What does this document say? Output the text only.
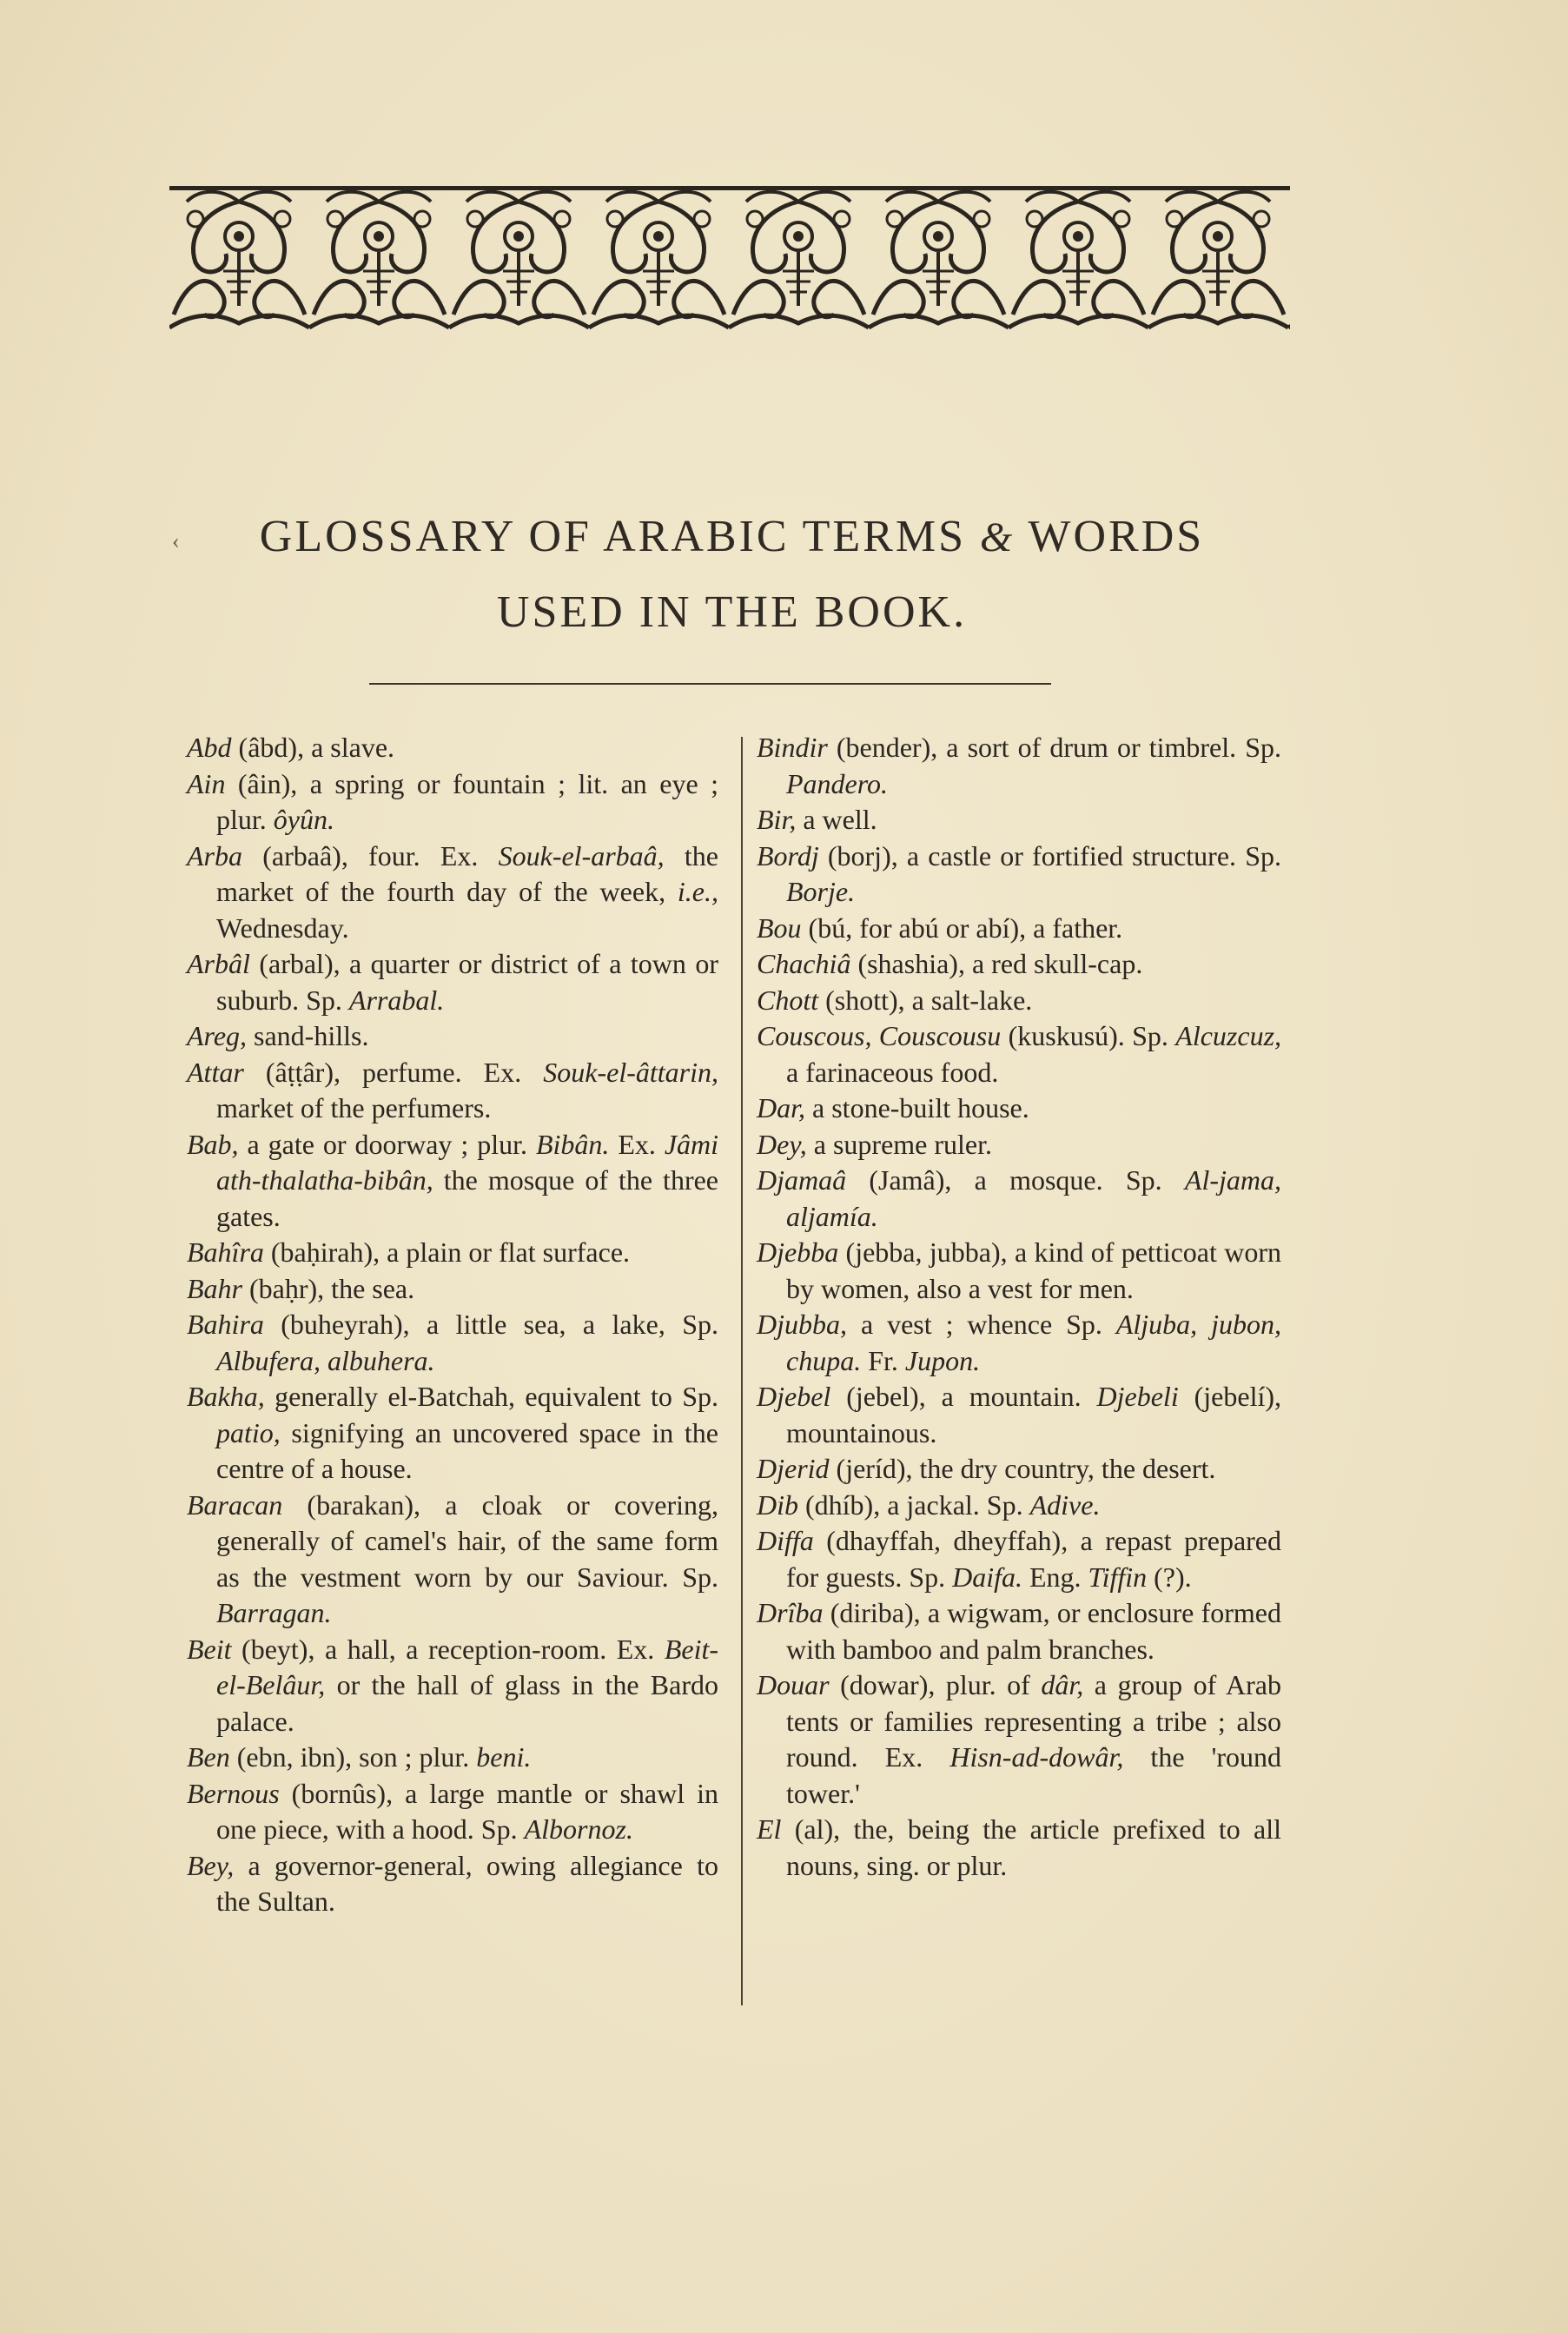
‹	GLOSSARY OF ARABIC TERMS & WORDS
USED IN THE BOOK.
Abd (âbd), a slave.
Ain (âin), a spring or fountain ; lit. an eye ; plur. ôyûn.
Arba (arbaâ), four. Ex. Souk-el-arbaâ, the market of the fourth day of the week, i.e., Wednesday.
Arbâl (arbal), a quarter or district of a town or suburb. Sp. Arrabal.
Areg, sand-hills.
Attar (âṭṭâr), perfume. Ex. Souk-el-âttarin, market of the perfumers.
Bab, a gate or doorway ; plur. Bibân. Ex. Jâmi ath-thalatha-bibân, the mosque of the three gates.
Bahîra (baḥirah), a plain or flat surface.
Bahr (baḥr), the sea.
Bahira (buheyrah), a little sea, a lake, Sp. Albufera, albuhera.
Bakha, generally el-Batchah, equivalent to Sp. patio, signifying an uncovered space in the centre of a house.
Baracan (barakan), a cloak or covering, generally of camel's hair, of the same form as the vestment worn by our Saviour. Sp. Barragan.
Beit (beyt), a hall, a reception-room. Ex. Beit-el-Belâur, or the hall of glass in the Bardo palace.
Ben (ebn, ibn), son ; plur. beni.
Bernous (bornûs), a large mantle or shawl in one piece, with a hood. Sp. Albornoz.
Bey, a governor-general, owing allegiance to the Sultan.
Bindir (bender), a sort of drum or timbrel. Sp. Pandero.
Bir, a well.
Bordj (borj), a castle or fortified structure. Sp. Borje.
Bou (bú, for abú or abí), a father.
Chachiâ (shashia), a red skull-cap.
Chott (shott), a salt-lake.
Couscous, Couscousu (kuskusú). Sp. Alcuzcuz, a farinaceous food.
Dar, a stone-built house.
Dey, a supreme ruler.
Djamaâ (Jamâ), a mosque. Sp. Al-jama, aljamía.
Djebba (jebba, jubba), a kind of petticoat worn by women, also a vest for men.
Djubba, a vest ; whence Sp. Aljuba, jubon, chupa. Fr. Jupon.
Djebel (jebel), a mountain. Djebeli (jebelí), mountainous.
Djerid (jeríd), the dry country, the desert.
Dib (dhíb), a jackal. Sp. Adive.
Diffa (dhayffah, dheyffah), a repast prepared for guests. Sp. Daifa. Eng. Tiffin (?).
Drîba (diriba), a wigwam, or enclosure formed with bamboo and palm branches.
Douar (dowar), plur. of dâr, a group of Arab tents or families representing a tribe ; also round. Ex. Hisn-ad-dowâr, the 'round tower.'
El (al), the, being the article prefixed to all nouns, sing. or plur.
